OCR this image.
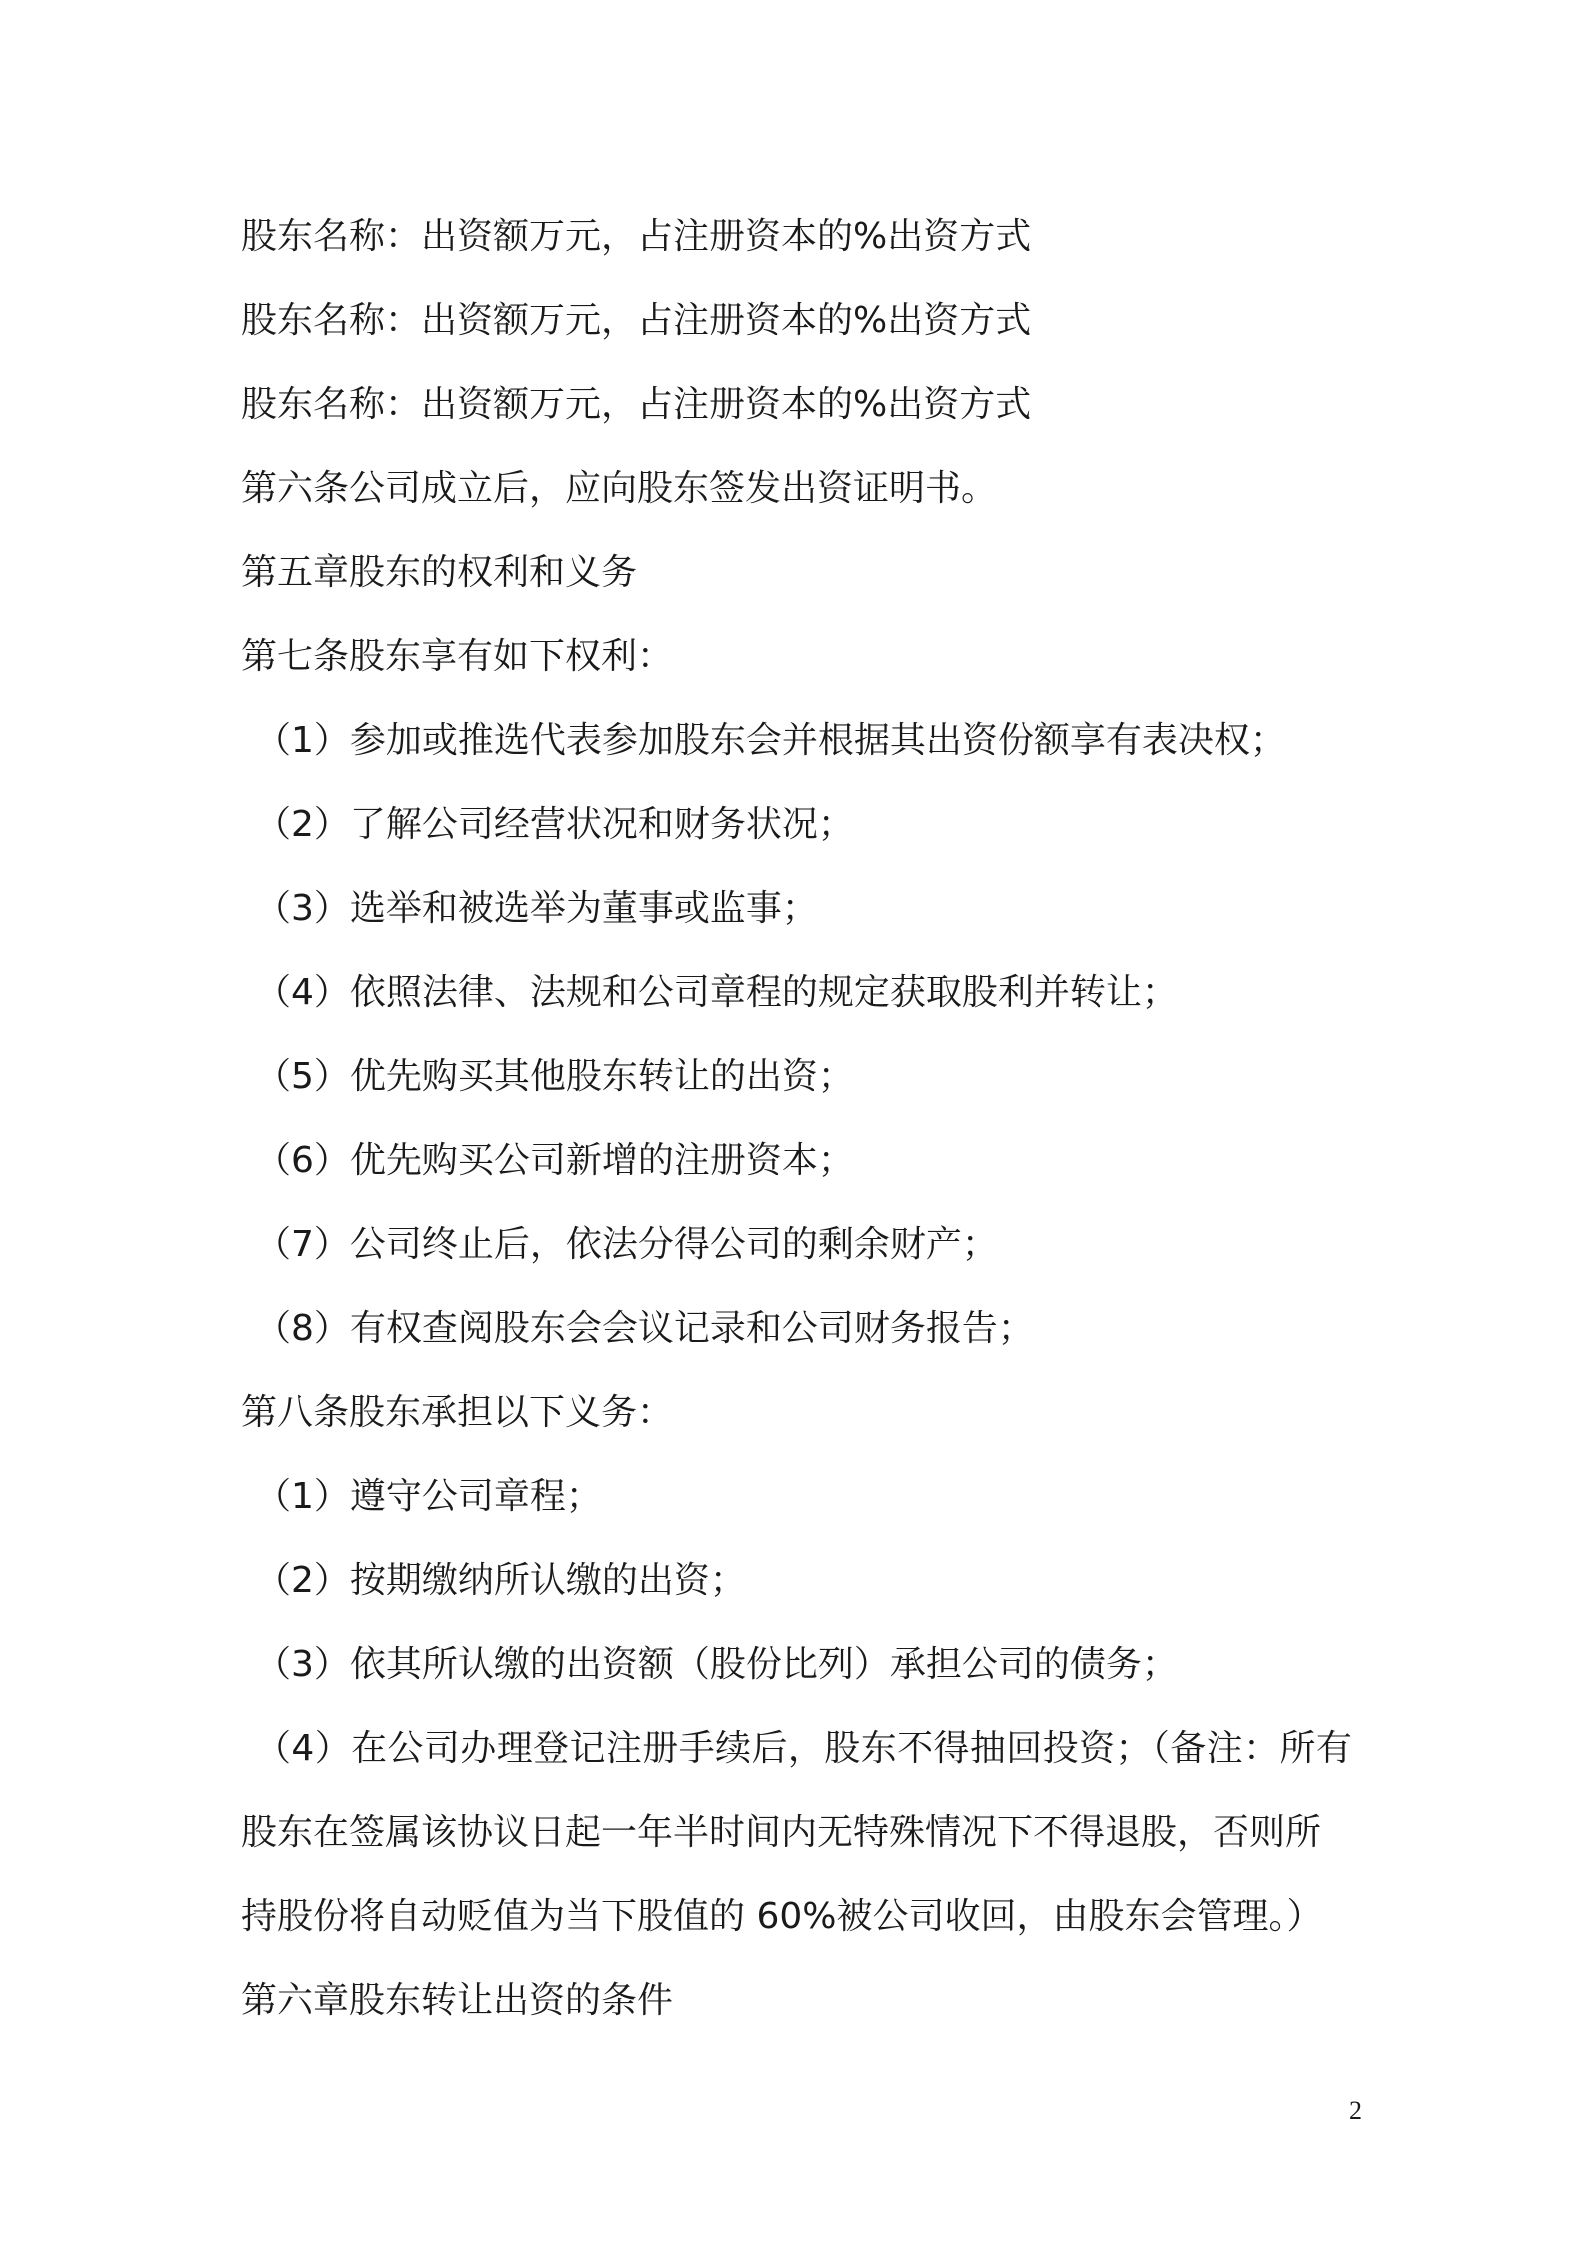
股东名称：出资额万元，占注册资本的%出资方式
股东名称：出资额万元，占注册资本的%出资方式
股东名称：出资额万元，占注册资本的%出资方式
第六条公司成立后，应向股东签发出资证明书。
第五章股东的权利和义务
第七条股东享有如下权利：
（1）参加或推选代表参加股东会并根据其出资份额享有表决权；
（2）了解公司经营状况和财务状况；
（3）选举和被选举为董事或监事；
（4）依照法律、法规和公司章程的规定获取股利并转让；
（5）优先购买其他股东转让的出资；
（6）优先购买公司新增的注册资本；
（7）公司终止后，依法分得公司的剩余财产；
（8）有权查阅股东会会议记录和公司财务报告；
第八条股东承担以下义务：
（1）遵守公司章程；
（2）按期缴纳所认缴的出资；
（3）依其所认缴的出资额（股份比列）承担公司的债务；
（4）在公司办理登记注册手续后，股东不得抽回投资；（备注：所有
股东在签属该协议日起一年半时间内无特殊情况下不得退股，否则所
持股份将自动贬值为当下股值的 60%被公司收回，由股东会管理。）
第六章股东转让出资的条件
2
